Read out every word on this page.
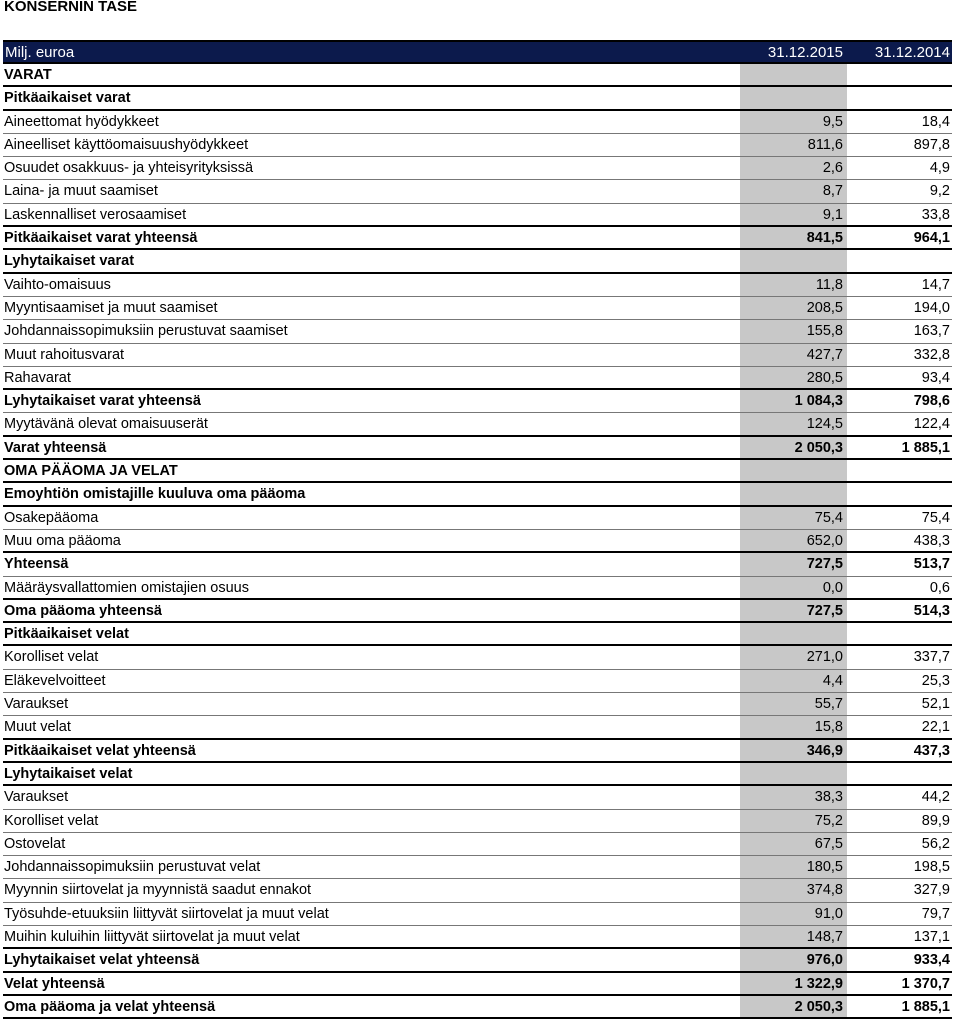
KONSERNIN TASE
Milj. euroa	31.12.2015 31.12.2014
VARAT
Pitkäaikaiset varat
Aineettomat hyödykkeet	9,5	18,4
Aineelliset käyttöomaisuushyödykkeet	811,6	897,8
Osuudet osakkuus- ja yhteisyrityksissä	2,6	4,9
Laina- ja muut saamiset	8,7	9,2
Laskennalliset verosaamiset	9,1	33,8
Pitkäaikaiset varat yhteensä	841,5	964,1
Lyhytaikaiset varat
Vaihto-omaisuus	11,8	14,7
Myyntisaamiset ja muut saamiset	208,5	194,0
Johdannaissopimuksiin perustuvat saamiset	155,8	163,7
Muut rahoitusvarat	427,7	332,8
Rahavarat	280,5	93,4
Lyhytaikaiset varat yhteensä	1 084,3	798,6
Myytävänä olevat omaisuuserät	124,5	122,4
Varat yhteensä	2 050,3	1 885,1
OMA PÄÄOMA JA VELAT
Emoyhtiön omistajille kuuluva oma pääoma
Osakepääoma	75,4	75,4
Muu oma pääoma	652,0	438,3
Yhteensä	727,5	513,7
Määräysvallattomien omistajien osuus	0,0	0,6
Oma pääoma yhteensä	727,5	514,3
Pitkäaikaiset velat
Korolliset velat	271,0	337,7
Eläkevelvoitteet	4,4	25,3
Varaukset	55,7	52,1
Muut velat	15,8	22,1
Pitkäaikaiset velat yhteensä	346,9	437,3
Lyhytaikaiset velat
Varaukset	38,3	44,2
Korolliset velat	75,2	89,9
Ostovelat	67,5	56,2
Johdannaissopimuksiin perustuvat velat	180,5	198,5
Myynnin siirtovelat ja myynnistä saadut ennakot	374,8	327,9
Työsuhde-etuuksiin liittyvät siirtovelat ja muut velat	91,0	79,7
Muihin kuluihin liittyvät siirtovelat ja muut velat	148,7	137,1
Lyhytaikaiset velat yhteensä	976,0	933,4
Velat yhteensä	1 322,9	1 370,7
Oma pääoma ja velat yhteensä	2 050,3	1 885,1
